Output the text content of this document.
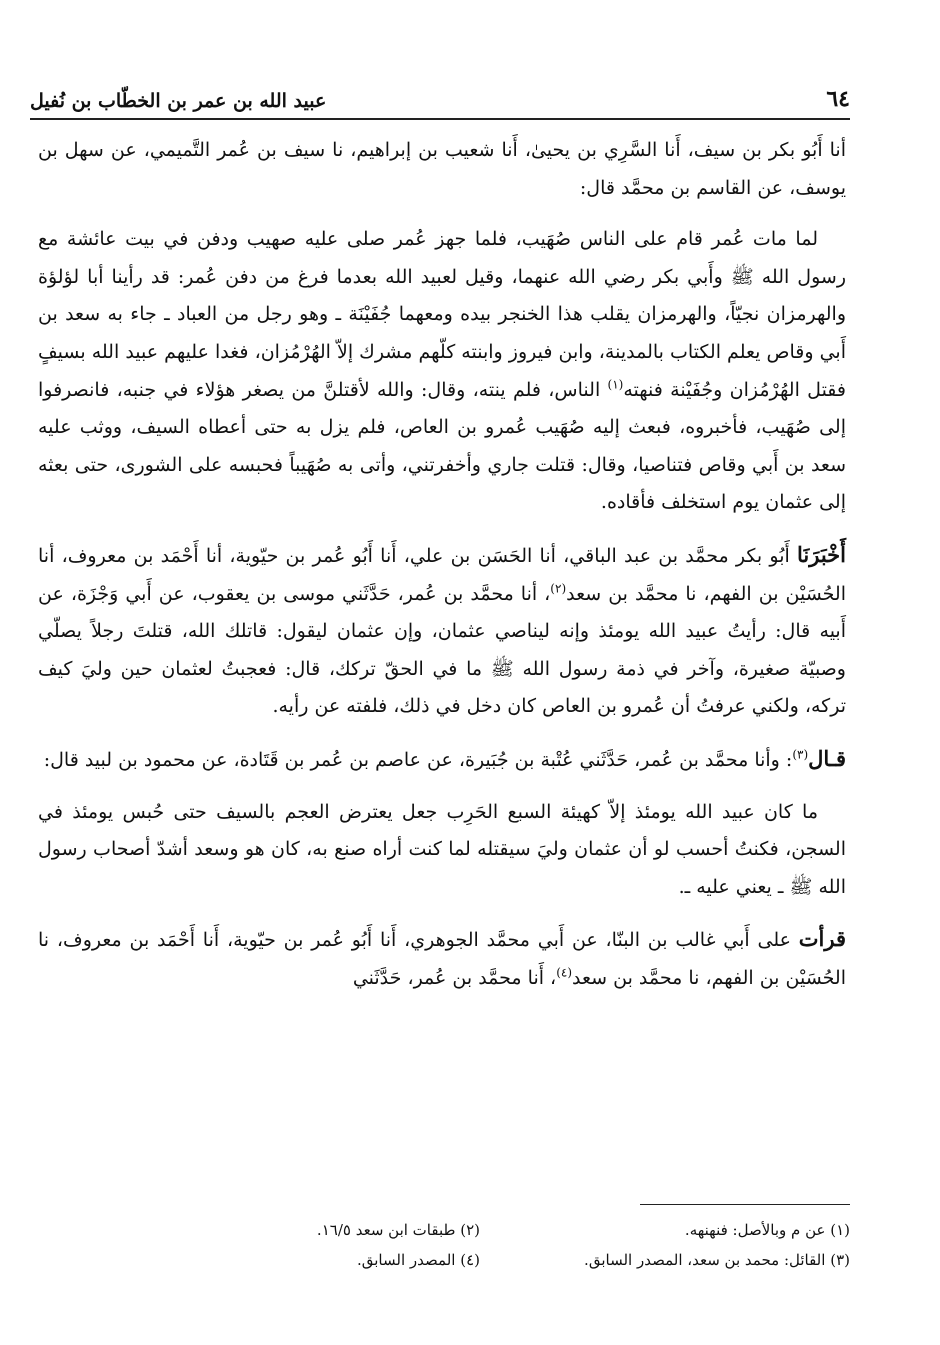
٦٤
عبيد الله بن عمر بن الخطّاب بن نُفيل

أنا أَبُو بكر بن سيف، أَنا السَّرِي بن يحيىٰ، أَنا شعيب بن إبراهيم، نا سيف بن عُمر التَّميمي، عن سهل بن يوسف، عن القاسم بن محمَّد قال:

لما مات عُمر قام على الناس صُهَيب، فلما جهز عُمر صلى عليه صهيب ودفن في بيت عائشة مع رسول الله ﷺ وأَبي بكر رضي الله عنهما، وقيل لعبيد الله بعدما فرغ من دفن عُمر: قد رأينا أبا لؤلؤة والهرمزان نجيّاً، والهرمزان يقلب هذا الخنجر بيده ومعهما جُفَيْنَة ـ وهو رجل من العباد ـ جاء به سعد بن أَبي وقاص يعلم الكتاب بالمدينة، وابن فيروز وابنته كلّهم مشرك إلاّ الهُرْمُزان، فغدا عليهم عبيد الله بسيفٍ فقتل الهُرْمُزان وجُفَيْنة فنهته$^{(١)}$ الناس، فلم ينته، وقال: والله لأقتلنَّ من يصغر هؤلاء في جنبه، فانصرفوا إلى صُهَيب، فأخبروه، فبعث إليه صُهَيب عُمرو بن العاص، فلم يزل به حتى أعطاه السيف، ووثب عليه سعد بن أَبي وقاص فتناصيا، وقال: قتلت جاري وأخفرتني، وأتى به صُهَيباً فحبسه على الشورى، حتى بعثه إلى عثمان يوم استخلف فأقاده.

أَخْبَرَنَا أَبُو بكر محمَّد بن عبد الباقي، أنا الحَسَن بن علي، أَنا أَبُو عُمر بن حيّوية، أنا أَحْمَد بن معروف، أنا الحُسَيْن بن الفهم، نا محمَّد بن سعد$^{(٢)}$، أنا محمَّد بن عُمر، حَدَّثَني موسى بن يعقوب، عن أَبي وَجْزَة، عن أَبيه قال: رأيتُ عبيد الله يومئذ وإنه ليناصي عثمان، وإن عثمان ليقول: قاتلك الله، قتلتَ رجلاً يصلّي وصبيّة صغيرة، وآخر في ذمة رسول الله ﷺ ما في الحقّ تركك، قال: فعجبتُ لعثمان حين وليَ كيف تركه، ولكني عرفتُ أن عُمرو بن العاص كان دخل في ذلك، فلفته عن رأيه.

قـال$^{(٣)}$: وأنا محمَّد بن عُمر، حَدَّثَني عُتْبة بن جُبَيرة، عن عاصم بن عُمر بن قَتَادة، عن محمود بن لبيد قال:

ما كان عبيد الله يومئذ إلاّ كهيئة السبع الحَرِب جعل يعترض العجم بالسيف حتى حُبس يومئذ في السجن، فكنتُ أحسب لو أن عثمان وليَ سيقتله لما كنت أراه صنع به، كان هو وسعد أشدّ أصحاب رسول الله ﷺ ـ يعني عليه ـ.

قرأت على أَبي غالب بن البنّا، عن أَبي محمَّد الجوهري، أَنا أَبُو عُمر بن حيّوية، أَنا أَحْمَد بن معروف، نا الحُسَيْن بن الفهم، نا محمَّد بن سعد$^{(٤)}$، أَنا محمَّد بن عُمر، حَدَّثَني

(١) عن م وبالأصل: فنهنهه.
(٢) طبقات ابن سعد ١٦/٥.
(٣) القائل: محمد بن سعد، المصدر السابق.
(٤) المصدر السابق.
